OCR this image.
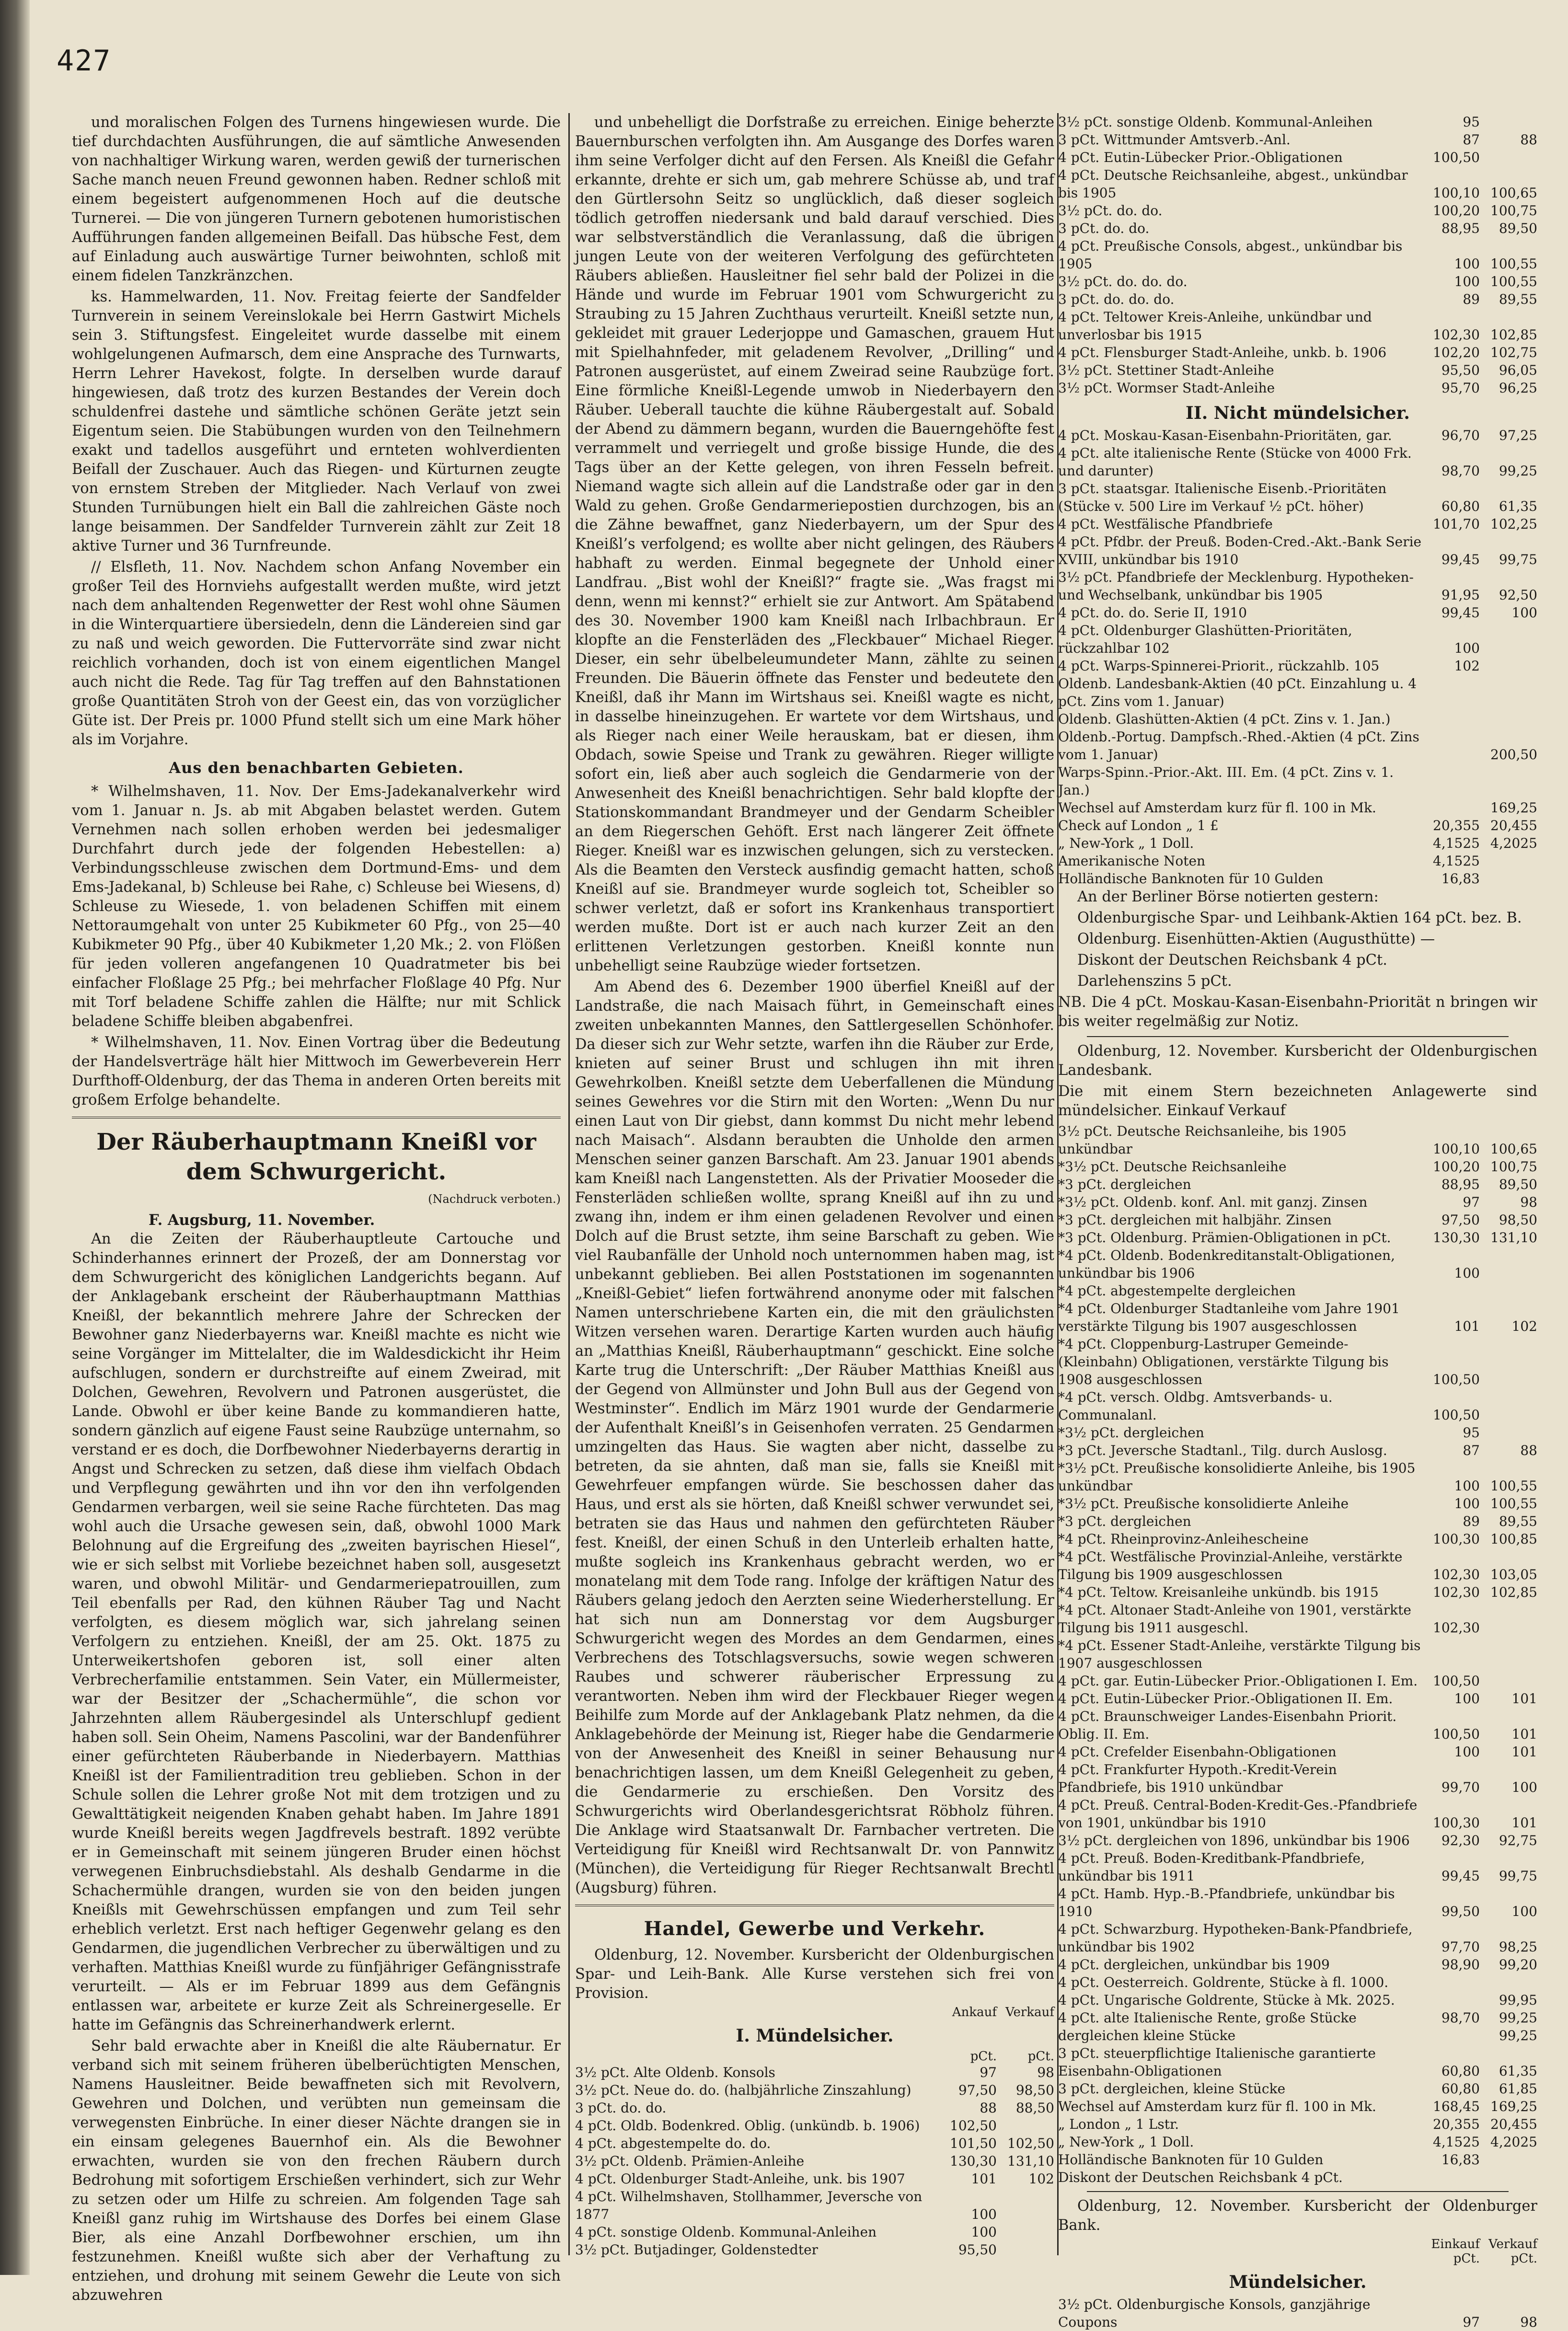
427

und moralischen Folgen des Turnens hingewiesen wurde. Die tief durchdachten Ausführungen, die auf sämtliche Anwesenden von nachhaltiger Wirkung waren, werden gewiß der turnerischen Sache manch neuen Freund gewonnen haben. Redner schloß mit einem begeistert aufgenommenen Hoch auf die deutsche Turnerei. — Die von jüngeren Turnern gebotenen humoristischen Aufführungen fanden allgemeinen Beifall. Das hübsche Fest, dem auf Einladung auch auswärtige Turner beiwohnten, schloß mit einem fidelen Tanzkränzchen.

ks. Hammelwarden, 11. Nov. Freitag feierte der Sandfelder Turnverein in seinem Vereinslokale bei Herrn Gastwirt Michels sein 3. Stiftungsfest. Eingeleitet wurde dasselbe mit einem wohlgelungenen Aufmarsch, dem eine Ansprache des Turnwarts, Herrn Lehrer Havekost, folgte. In derselben wurde darauf hingewiesen, daß trotz des kurzen Bestandes der Verein doch schuldenfrei dastehe und sämtliche schönen Geräte jetzt sein Eigentum seien. Die Stabübungen wurden von den Teilnehmern exakt und tadellos ausgeführt und ernteten wohlverdienten Beifall der Zuschauer. Auch das Riegen- und Kürturnen zeugte von ernstem Streben der Mitglieder. Nach Verlauf von zwei Stunden Turnübungen hielt ein Ball die zahlreichen Gäste noch lange beisammen. Der Sandfelder Turnverein zählt zur Zeit 18 aktive Turner und 36 Turnfreunde.

// Elsfleth, 11. Nov. Nachdem schon Anfang November ein großer Teil des Hornviehs aufgestallt werden mußte, wird jetzt nach dem anhaltenden Regenwetter der Rest wohl ohne Säumen in die Winterquartiere übersiedeln, denn die Ländereien sind gar zu naß und weich geworden. Die Futtervorräte sind zwar nicht reichlich vorhanden, doch ist von einem eigentlichen Mangel auch nicht die Rede. Tag für Tag treffen auf den Bahnstationen große Quantitäten Stroh von der Geest ein, das von vorzüglicher Güte ist. Der Preis pr. 1000 Pfund stellt sich um eine Mark höher als im Vorjahre.

Aus den benachbarten Gebieten.

* Wilhelmshaven, 11. Nov. Der Ems-Jadekanalverkehr wird vom 1. Januar n. Js. ab mit Abgaben belastet werden. Gutem Vernehmen nach sollen erhoben werden bei jedesmaliger Durchfahrt durch jede der folgenden Hebestellen: a) Verbindungsschleuse zwischen dem Dortmund-Ems- und dem Ems-Jadekanal, b) Schleuse bei Rahe, c) Schleuse bei Wiesens, d) Schleuse zu Wiesede, 1. von beladenen Schiffen mit einem Nettoraumgehalt von unter 25 Kubikmeter 60 Pfg., von 25—40 Kubikmeter 90 Pfg., über 40 Kubikmeter 1,20 Mk.; 2. von Flößen für jeden volleren angefangenen 10 Quadratmeter bis bei einfacher Floßlage 25 Pfg.; bei mehrfacher Floßlage 40 Pfg. Nur mit Torf beladene Schiffe zahlen die Hälfte; nur mit Schlick beladene Schiffe bleiben abgabenfrei.

* Wilhelmshaven, 11. Nov. Einen Vortrag über die Bedeutung der Handelsverträge hält hier Mittwoch im Gewerbeverein Herr Durfthoff-Oldenburg, der das Thema in anderen Orten bereits mit großem Erfolge behandelte.

Der Räuberhauptmann Kneißl vor dem Schwurgericht.
(Nachdruck verboten.)
F. Augsburg, 11. November.

An die Zeiten der Räuberhauptleute Cartouche und Schinderhannes erinnert der Prozeß, der am Donnerstag vor dem Schwurgericht des königlichen Landgerichts begann. Auf der Anklagebank erscheint der Räuberhauptmann Matthias Kneißl, der bekanntlich mehrere Jahre der Schrecken der Bewohner ganz Niederbayerns war. Kneißl machte es nicht wie seine Vorgänger im Mittelalter, die im Waldesdickicht ihr Heim aufschlugen, sondern er durchstreifte auf einem Zweirad, mit Dolchen, Gewehren, Revolvern und Patronen ausgerüstet, die Lande. Obwohl er über keine Bande zu kommandieren hatte, sondern gänzlich auf eigene Faust seine Raubzüge unternahm, so verstand er es doch, die Dorfbewohner Niederbayerns derartig in Angst und Schrecken zu setzen, daß diese ihm vielfach Obdach und Verpflegung gewährten und ihn vor den ihn verfolgenden Gendarmen verbargen, weil sie seine Rache fürchteten. Das mag wohl auch die Ursache gewesen sein, daß, obwohl 1000 Mark Belohnung auf die Ergreifung des „zweiten bayrischen Hiesel“, wie er sich selbst mit Vorliebe bezeichnet haben soll, ausgesetzt waren, und obwohl Militär- und Gendarmeriepatrouillen, zum Teil ebenfalls per Rad, den kühnen Räuber Tag und Nacht verfolgten, es diesem möglich war, sich jahrelang seinen Verfolgern zu entziehen. Kneißl, der am 25. Okt. 1875 zu Unterweikertshofen geboren ist, soll einer alten Verbrecherfamilie entstammen. Sein Vater, ein Müllermeister, war der Besitzer der „Schachermühle“, die schon vor Jahrzehnten allem Räubergesindel als Unterschlupf gedient haben soll. Sein Oheim, Namens Pascolini, war der Bandenführer einer gefürchteten Räuberbande in Niederbayern. Matthias Kneißl ist der Familientradition treu geblieben. Schon in der Schule sollen die Lehrer große Not mit dem trotzigen und zu Gewalttätigkeit neigenden Knaben gehabt haben. Im Jahre 1891 wurde Kneißl bereits wegen Jagdfrevels bestraft. 1892 verübte er in Gemeinschaft mit seinem jüngeren Bruder einen höchst verwegenen Einbruchsdiebstahl. Als deshalb Gendarme in die Schachermühle drangen, wurden sie von den beiden jungen Kneißls mit Gewehrschüssen empfangen und zum Teil sehr erheblich verletzt. Erst nach heftiger Gegenwehr gelang es den Gendarmen, die jugendlichen Verbrecher zu überwältigen und zu verhaften. Matthias Kneißl wurde zu fünfjähriger Gefängnisstrafe verurteilt. — Als er im Februar 1899 aus dem Gefängnis entlassen war, arbeitete er kurze Zeit als Schreinergeselle. Er hatte im Gefängnis das Schreinerhandwerk erlernt.

Sehr bald erwachte aber in Kneißl die alte Räubernatur. Er verband sich mit seinem früheren übelberüchtigten Menschen, Namens Hausleitner. Beide bewaffneten sich mit Revolvern, Gewehren und Dolchen, und verübten nun gemeinsam die verwegensten Einbrüche. In einer dieser Nächte drangen sie in ein einsam gelegenes Bauernhof ein. Als die Bewohner erwachten, wurden sie von den frechen Räubern durch Bedrohung mit sofortigem Erschießen verhindert, sich zur Wehr zu setzen oder um Hilfe zu schreien. Am folgenden Tage sah Kneißl ganz ruhig im Wirtshause des Dorfes bei einem Glase Bier, als eine Anzahl Dorfbewohner erschien, um ihn festzunehmen. Kneißl wußte sich aber der Verhaftung zu entziehen, und drohung mit seinem Gewehr die Leute von sich abzuwehren

und unbehelligt die Dorfstraße zu erreichen. Einige beherzte Bauernburschen verfolgten ihn. Am Ausgange des Dorfes waren ihm seine Verfolger dicht auf den Fersen. Als Kneißl die Gefahr erkannte, drehte er sich um, gab mehrere Schüsse ab, und traf den Gürtlersohn Seitz so unglücklich, daß dieser sogleich tödlich getroffen niedersank und bald darauf verschied. Dies war selbstverständlich die Veranlassung, daß die übrigen jungen Leute von der weiteren Verfolgung des gefürchteten Räubers abließen. Hausleitner fiel sehr bald der Polizei in die Hände und wurde im Februar 1901 vom Schwurgericht zu Straubing zu 15 Jahren Zuchthaus verurteilt. Kneißl setzte nun, gekleidet mit grauer Lederjoppe und Gamaschen, grauem Hut mit Spielhahnfeder, mit geladenem Revolver, „Drilling“ und Patronen ausgerüstet, auf einem Zweirad seine Raubzüge fort. Eine förmliche Kneißl-Legende umwob in Niederbayern den Räuber. Ueberall tauchte die kühne Räubergestalt auf. Sobald der Abend zu dämmern begann, wurden die Bauerngehöfte fest verrammelt und verriegelt und große bissige Hunde, die des Tags über an der Kette gelegen, von ihren Fesseln befreit. Niemand wagte sich allein auf die Landstraße oder gar in den Wald zu gehen. Große Gendarmeriepostien durchzogen, bis an die Zähne bewaffnet, ganz Niederbayern, um der Spur des Kneißl’s verfolgend; es wollte aber nicht gelingen, des Räubers habhaft zu werden. Einmal begegnete der Unhold einer Landfrau. „Bist wohl der Kneißl?“ fragte sie. „Was fragst mi denn, wenn mi kennst?“ erhielt sie zur Antwort. Am Spätabend des 30. November 1900 kam Kneißl nach Irlbachbraun. Er klopfte an die Fensterläden des „Fleckbauer“ Michael Rieger. Dieser, ein sehr übelbeleumundeter Mann, zählte zu seinen Freunden. Die Bäuerin öffnete das Fenster und bedeutete den Kneißl, daß ihr Mann im Wirtshaus sei. Kneißl wagte es nicht, in dasselbe hineinzugehen. Er wartete vor dem Wirtshaus, und als Rieger nach einer Weile herauskam, bat er diesen, ihm Obdach, sowie Speise und Trank zu gewähren. Rieger willigte sofort ein, ließ aber auch sogleich die Gendarmerie von der Anwesenheit des Kneißl benachrichtigen. Sehr bald klopfte der Stationskommandant Brandmeyer und der Gendarm Scheibler an dem Riegerschen Gehöft. Erst nach längerer Zeit öffnete Rieger. Kneißl war es inzwischen gelungen, sich zu verstecken. Als die Beamten den Versteck ausfindig gemacht hatten, schoß Kneißl auf sie. Brandmeyer wurde sogleich tot, Scheibler so schwer verletzt, daß er sofort ins Krankenhaus transportiert werden mußte. Dort ist er auch nach kurzer Zeit an den erlittenen Verletzungen gestorben. Kneißl konnte nun unbehelligt seine Raubzüge wieder fortsetzen.

Am Abend des 6. Dezember 1900 überfiel Kneißl auf der Landstraße, die nach Maisach führt, in Gemeinschaft eines zweiten unbekannten Mannes, den Sattlergesellen Schönhofer. Da dieser sich zur Wehr setzte, warfen ihn die Räuber zur Erde, knieten auf seiner Brust und schlugen ihn mit ihren Gewehrkolben. Kneißl setzte dem Ueberfallenen die Mündung seines Gewehres vor die Stirn mit den Worten: „Wenn Du nur einen Laut von Dir giebst, dann kommst Du nicht mehr lebend nach Maisach“. Alsdann beraubten die Unholde den armen Menschen seiner ganzen Barschaft. Am 23. Januar 1901 abends kam Kneißl nach Langenstetten. Als der Privatier Mooseder die Fensterläden schließen wollte, sprang Kneißl auf ihn zu und zwang ihn, indem er ihm einen geladenen Revolver und einen Dolch auf die Brust setzte, ihm seine Barschaft zu geben. Wie viel Raubanfälle der Unhold noch unternommen haben mag, ist unbekannt geblieben. Bei allen Poststationen im sogenannten „Kneißl-Gebiet“ liefen fortwährend anonyme oder mit falschen Namen unterschriebene Karten ein, die mit den gräulichsten Witzen versehen waren. Derartige Karten wurden auch häufig an „Matthias Kneißl, Räuberhauptmann“ geschickt. Eine solche Karte trug die Unterschrift: „Der Räuber Matthias Kneißl aus der Gegend von Allmünster und John Bull aus der Gegend von Westminster“. Endlich im März 1901 wurde der Gendarmerie der Aufenthalt Kneißl’s in Geisenhofen verraten. 25 Gendarmen umzingelten das Haus. Sie wagten aber nicht, dasselbe zu betreten, da sie ahnten, daß man sie, falls sie Kneißl mit Gewehrfeuer empfangen würde. Sie beschossen daher das Haus, und erst als sie hörten, daß Kneißl schwer verwundet sei, betraten sie das Haus und nahmen den gefürchteten Räuber fest. Kneißl, der einen Schuß in den Unterleib erhalten hatte, mußte sogleich ins Krankenhaus gebracht werden, wo er monatelang mit dem Tode rang. Infolge der kräftigen Natur des Räubers gelang jedoch den Aerzten seine Wiederherstellung. Er hat sich nun am Donnerstag vor dem Augsburger Schwurgericht wegen des Mordes an dem Gendarmen, eines Verbrechens des Totschlagsversuchs, sowie wegen schweren Raubes und schwerer räuberischer Erpressung zu verantworten. Neben ihm wird der Fleckbauer Rieger wegen Beihilfe zum Morde auf der Anklagebank Platz nehmen, da die Anklagebehörde der Meinung ist, Rieger habe die Gendarmerie von der Anwesenheit des Kneißl in seiner Behausung nur benachrichtigen lassen, um dem Kneißl Gelegenheit zu geben, die Gendarmerie zu erschießen. Den Vorsitz des Schwurgerichts wird Oberlandesgerichtsrat Röbholz führen. Die Anklage wird Staatsanwalt Dr. Farnbacher vertreten. Die Verteidigung für Kneißl wird Rechtsanwalt Dr. von Pannwitz (München), die Verteidigung für Rieger Rechtsanwalt Brechtl (Augsburg) führen.

Handel, Gewerbe und Verkehr.

Oldenburg, 12. November. Kursbericht der Oldenburgischen Spar- und Leih-Bank. Alle Kurse verstehen sich frei von Provision.

Ankauf Verkauf
I. Mündelsicher.
pCt.	pCt.
3½ pCt. Alte Oldenb. Konsols	97	98
3½ pCt. Neue do. do. (halbjährliche Zinszahlung)	97,50	98,50
3 pCt. do. do.	88	88,50
4 pCt. Oldb. Bodenkred. Oblig. (unkündb. b. 1906)	102,50	
4 pCt. abgestempelte do. do.	101,50	102,50
3½ pCt. Oldenb. Prämien-Anleihe	130,30	131,10
4 pCt. Oldenburger Stadt-Anleihe, unk. bis 1907	101	102
4 pCt. Wilhelmshaven, Stollhammer, Jeversche von 1877	100	
4 pCt. sonstige Oldenb. Kommunal-Anleihen	100	
3½ pCt. Butjadinger, Goldenstedter	95,50	
3½ pCt. sonstige Oldenb. Kommunal-Anleihen	95	
3 pCt. Wittmunder Amtsverb.-Anl.	87	88
4 pCt. Eutin-Lübecker Prior.-Obligationen	100,50	
4 pCt. Deutsche Reichsanleihe, abgest., unkündbar bis 1905	100,10	100,65
3½ pCt. do. do.	100,20	100,75
3 pCt. do. do.	88,95	89,50
4 pCt. Preußische Consols, abgest., unkündbar bis 1905	100	100,55
3½ pCt. do. do. do.	100	100,55
3 pCt. do. do. do.	89	89,55
4 pCt. Teltower Kreis-Anleihe, unkündbar und unverlosbar bis 1915	102,30	102,85
4 pCt. Flensburger Stadt-Anleihe, unkb. b. 1906	102,20	102,75
3½ pCt. Stettiner Stadt-Anleihe	95,50	96,05
3½ pCt. Wormser Stadt-Anleihe	95,70	96,25
II. Nicht mündelsicher.
4 pCt. Moskau-Kasan-Eisenbahn-Prioritäten, gar.	96,70	97,25
4 pCt. alte italienische Rente (Stücke von 4000 Frk. und darunter)	98,70	99,25
3 pCt. staatsgar. Italienische Eisenb.-Prioritäten (Stücke v. 500 Lire im Verkauf ½ pCt. höher)	60,80	61,35
4 pCt. Westfälische Pfandbriefe	101,70	102,25
4 pCt. Pfdbr. der Preuß. Boden-Cred.-Akt.-Bank Serie XVIII, unkündbar bis 1910	99,45	99,75
3½ pCt. Pfandbriefe der Mecklenburg. Hypotheken- und Wechselbank, unkündbar bis 1905	91,95	92,50
4 pCt. do. do. Serie II, 1910	99,45	100
4 pCt. Oldenburger Glashütten-Prioritäten, rückzahlbar 102	100	
4 pCt. Warps-Spinnerei-Priorit., rückzahlb. 105	102	
Oldenb. Landesbank-Aktien (40 pCt. Einzahlung u. 4 pCt. Zins vom 1. Januar)		
Oldenb. Glashütten-Aktien (4 pCt. Zins v. 1. Jan.)		
Oldenb.-Portug. Dampfsch.-Rhed.-Aktien (4 pCt. Zins vom 1. Januar)		200,50
Warps-Spinn.-Prior.-Akt. III. Em. (4 pCt. Zins v. 1. Jan.)		
Wechsel auf Amsterdam kurz für fl. 100 in Mk.		169,25
Check auf London „ 1 £	20,355	20,455
„ New-York „ 1 Doll.	4,1525	4,2025
Amerikanische Noten	4,1525	
Holländische Banknoten für 10 Gulden	16,83	

An der Berliner Börse notierten gestern:

Oldenburgische Spar- und Leihbank-Aktien 164 pCt. bez. B.

Oldenburg. Eisenhütten-Aktien (Augusthütte) —

Diskont der Deutschen Reichsbank 4 pCt.

Darlehenszins 5 pCt.

NB. Die 4 pCt. Moskau-Kasan-Eisenbahn-Priorität n bringen wir bis weiter regelmäßig zur Notiz.

Oldenburg, 12. November. Kursbericht der Oldenburgischen Landesbank.

Die mit einem Stern bezeichneten Anlagewerte sind mündelsicher. Einkauf Verkauf

3½ pCt. Deutsche Reichsanleihe, bis 1905 unkündbar	100,10	100,65
*3½ pCt. Deutsche Reichsanleihe	100,20	100,75
*3 pCt. dergleichen	88,95	89,50
*3½ pCt. Oldenb. konf. Anl. mit ganzj. Zinsen	97	98
*3 pCt. dergleichen mit halbjähr. Zinsen	97,50	98,50
*3 pCt. Oldenburg. Prämien-Obligationen in pCt.	130,30	131,10
*4 pCt. Oldenb. Bodenkreditanstalt-Obligationen, unkündbar bis 1906	100	
*4 pCt. abgestempelte dergleichen		
*4 pCt. Oldenburger Stadtanleihe vom Jahre 1901 verstärkte Tilgung bis 1907 ausgeschlossen	101	102
*4 pCt. Cloppenburg-Lastruper Gemeinde-(Kleinbahn) Obligationen, verstärkte Tilgung bis 1908 ausgeschlossen	100,50	
*4 pCt. versch. Oldbg. Amtsverbands- u. Communalanl.	100,50	
*3½ pCt. dergleichen	95	
*3 pCt. Jeversche Stadtanl., Tilg. durch Auslosg.	87	88
*3½ pCt. Preußische konsolidierte Anleihe, bis 1905 unkündbar	100	100,55
*3½ pCt. Preußische konsolidierte Anleihe	100	100,55
*3 pCt. dergleichen	89	89,55
*4 pCt. Rheinprovinz-Anleihescheine	100,30	100,85
*4 pCt. Westfälische Provinzial-Anleihe, verstärkte Tilgung bis 1909 ausgeschlossen	102,30	103,05
*4 pCt. Teltow. Kreisanleihe unkündb. bis 1915	102,30	102,85
*4 pCt. Altonaer Stadt-Anleihe von 1901, verstärkte Tilgung bis 1911 ausgeschl.	102,30	
*4 pCt. Essener Stadt-Anleihe, verstärkte Tilgung bis 1907 ausgeschlossen		
4 pCt. gar. Eutin-Lübecker Prior.-Obligationen I. Em.	100,50	
4 pCt. Eutin-Lübecker Prior.-Obligationen II. Em.	100	101
4 pCt. Braunschweiger Landes-Eisenbahn Priorit. Oblig. II. Em.	100,50	101
4 pCt. Crefelder Eisenbahn-Obligationen	100	101
4 pCt. Frankfurter Hypoth.-Kredit-Verein Pfandbriefe, bis 1910 unkündbar	99,70	100
4 pCt. Preuß. Central-Boden-Kredit-Ges.-Pfandbriefe von 1901, unkündbar bis 1910	100,30	101
3½ pCt. dergleichen von 1896, unkündbar bis 1906	92,30	92,75
4 pCt. Preuß. Boden-Kreditbank-Pfandbriefe, unkündbar bis 1911	99,45	99,75
4 pCt. Hamb. Hyp.-B.-Pfandbriefe, unkündbar bis 1910	99,50	100
4 pCt. Schwarzburg. Hypotheken-Bank-Pfandbriefe, unkündbar bis 1902	97,70	98,25
4 pCt. dergleichen, unkündbar bis 1909	98,90	99,20
4 pCt. Oesterreich. Goldrente, Stücke à fl. 1000.		
4 pCt. Ungarische Goldrente, Stücke à Mk. 2025.		99,95
4 pCt. alte Italienische Rente, große Stücke	98,70	99,25
dergleichen kleine Stücke		99,25
3 pCt. steuerpflichtige Italienische garantierte Eisenbahn-Obligationen	60,80	61,35
3 pCt. dergleichen, kleine Stücke	60,80	61,85
Wechsel auf Amsterdam kurz für fl. 100 in Mk.	168,45	169,25
„ London „ 1 Lstr.	20,355	20,455
„ New-York „ 1 Doll.	4,1525	4,2025
Holländische Banknoten für 10 Gulden	16,83	
Diskont der Deutschen Reichsbank 4 pCt.		

Oldenburg, 12. November. Kursbericht der Oldenburger Bank.

Einkauf Verkauf
pCt.	pCt.
Mündelsicher.
3½ pCt. Oldenburgische Konsols, ganzjährige Coupons	97	98
